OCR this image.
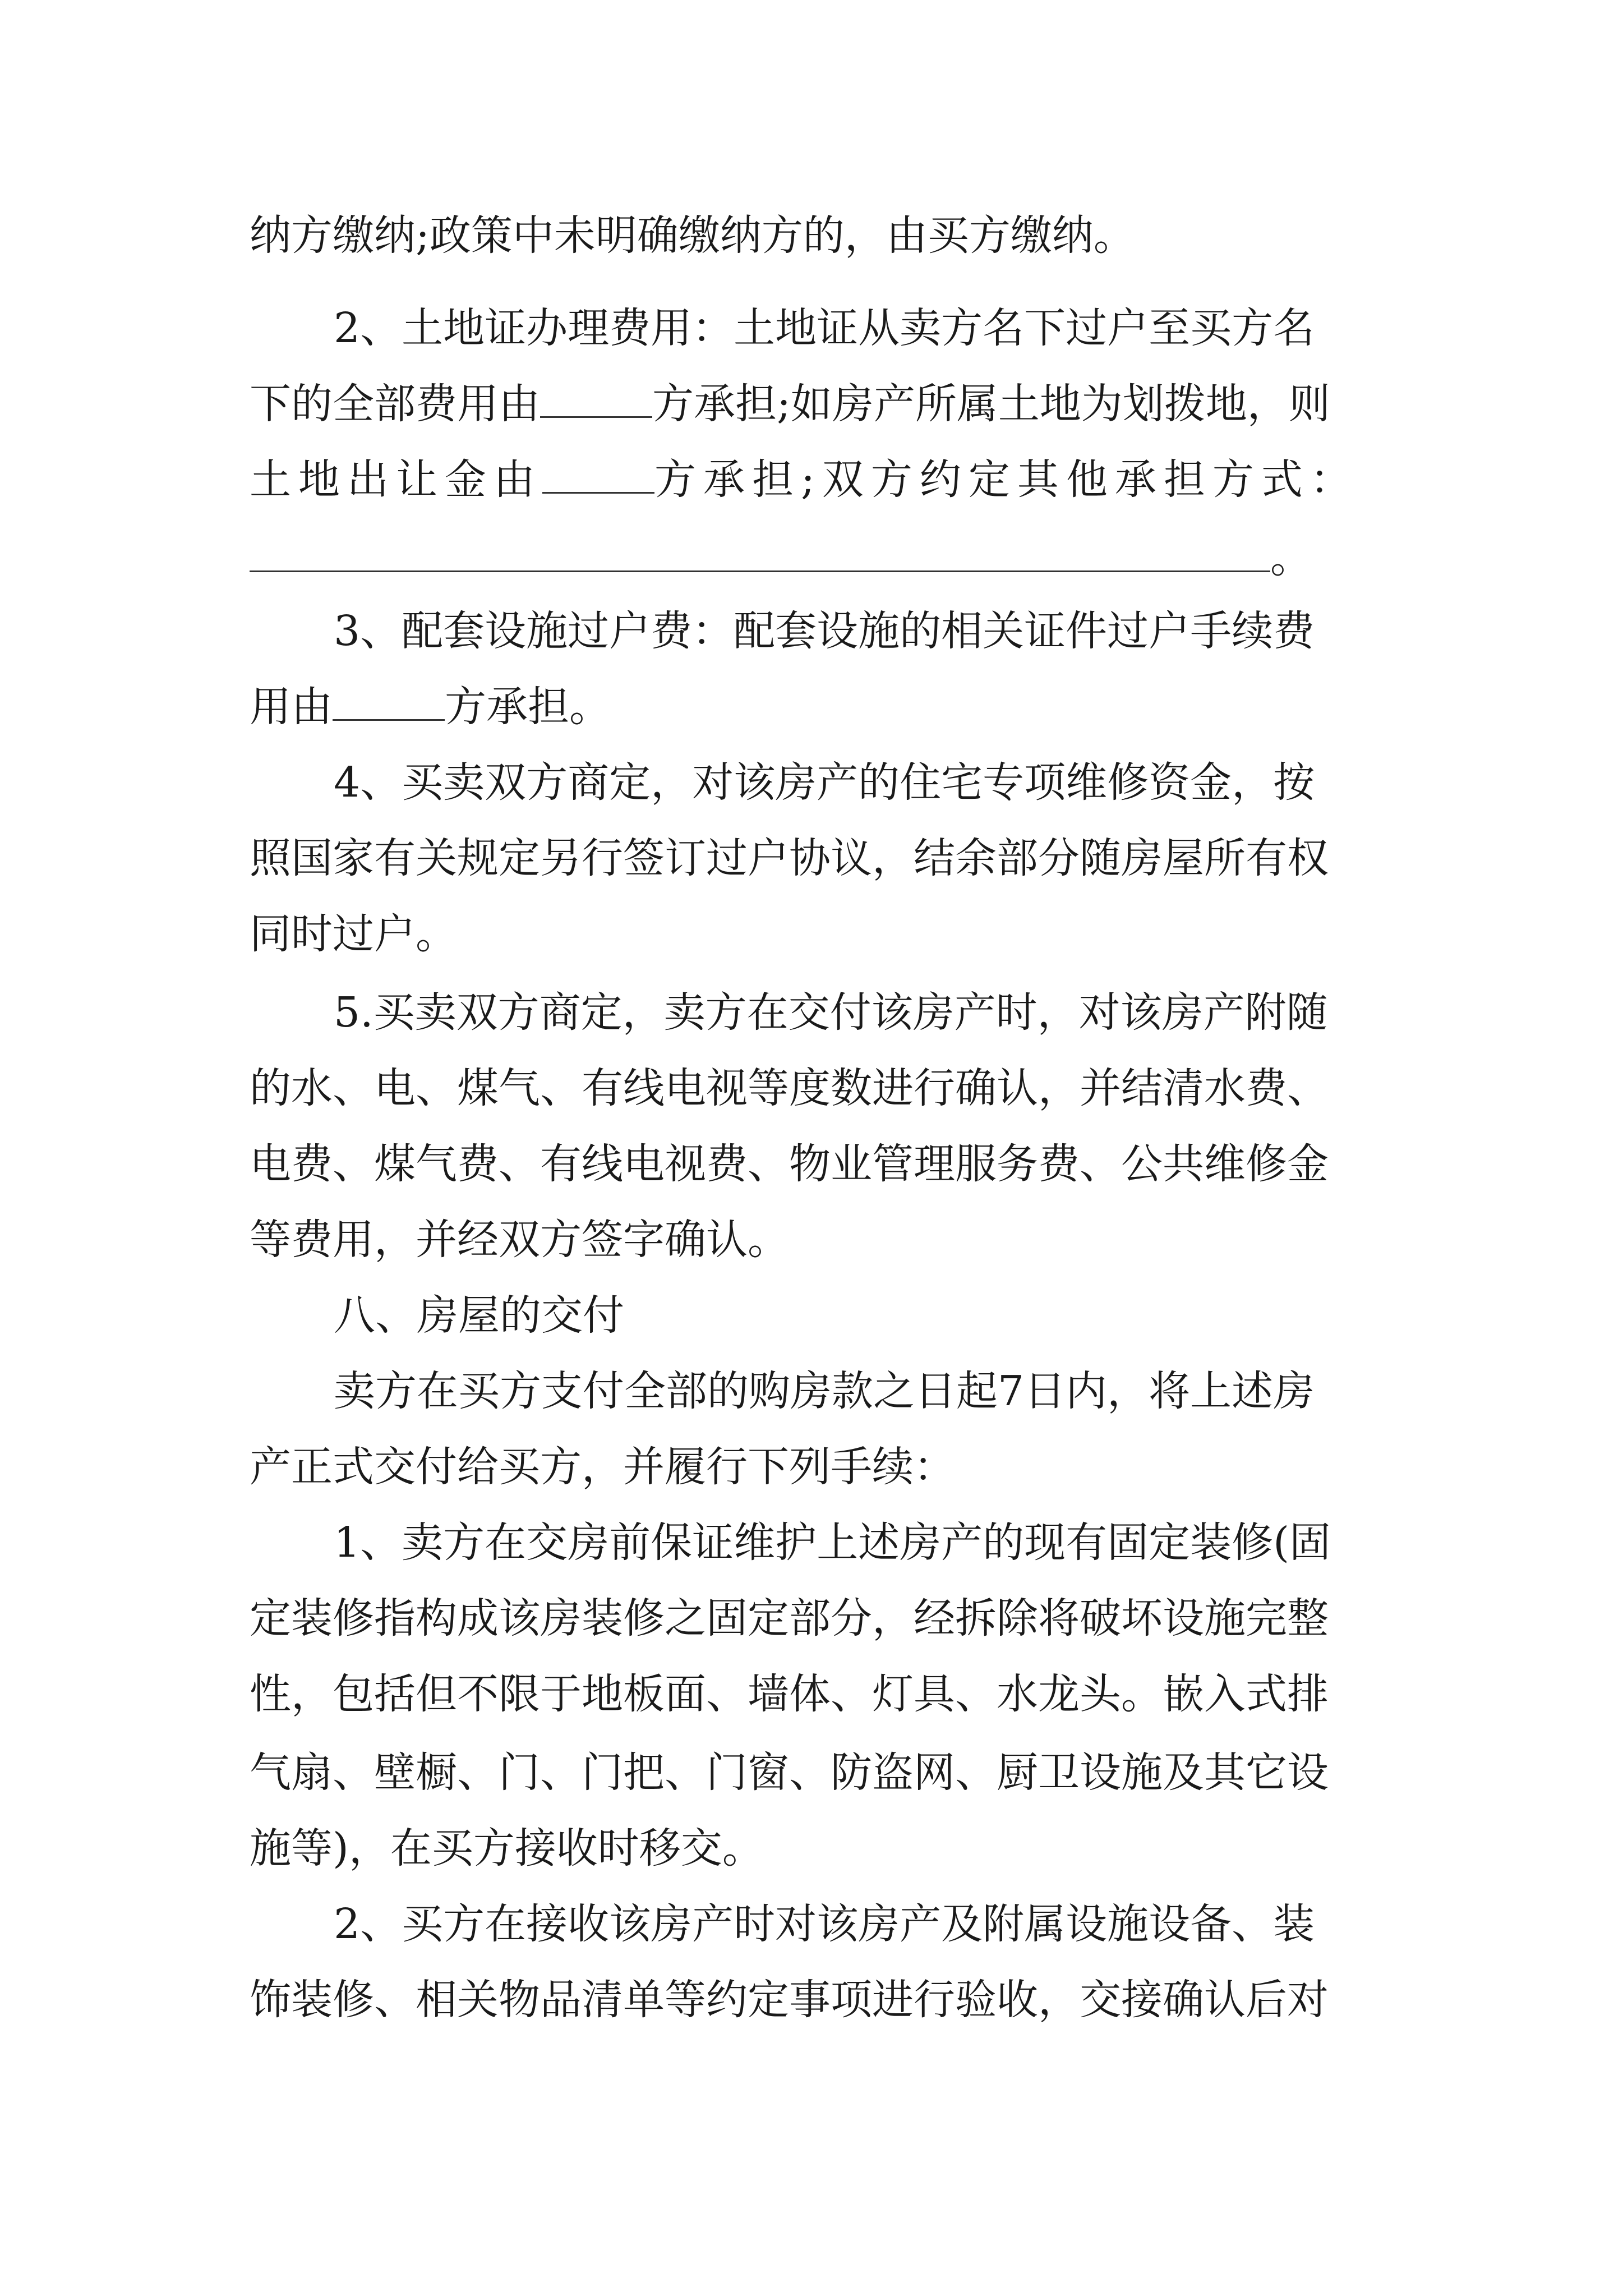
纳方缴纳;政策中未明确缴纳方的，由买方缴纳。
2、土地证办理费用：土地证从卖方名下过户至买方名
下的全部费用由	方承担;如房产所属土地为划拨地，则
土地出让金由	方承担;双方约定其他承担方式：
。
3、配套设施过户费：配套设施的相关证件过户手续费
用由	方承担。
4、买卖双方商定，对该房产的住宅专项维修资金，按
照国家有关规定另行签订过户协议，结余部分随房屋所有权
同时过户。
5.买卖双方商定，卖方在交付该房产时，对该房产附随
的水、电、煤气、有线电视等度数进行确认，并结清水费、
电费、煤气费、有线电视费、物业管理服务费、公共维修金
等费用，并经双方签字确认。
八、房屋的交付
卖方在买方支付全部的购房款之日起7日内，将上述房
产正式交付给买方，并履行下列手续：
1、卖方在交房前保证维护上述房产的现有固定装修(固
定装修指构成该房装修之固定部分，经拆除将破坏设施完整
性，包括但不限于地板面、墙体、灯具、水龙头。嵌入式排
气扇、壁橱、门、门把、门窗、防盗网、厨卫设施及其它设
施等)，在买方接收时移交。
2、买方在接收该房产时对该房产及附属设施设备、装
饰装修、相关物品清单等约定事项进行验收，交接确认后对
